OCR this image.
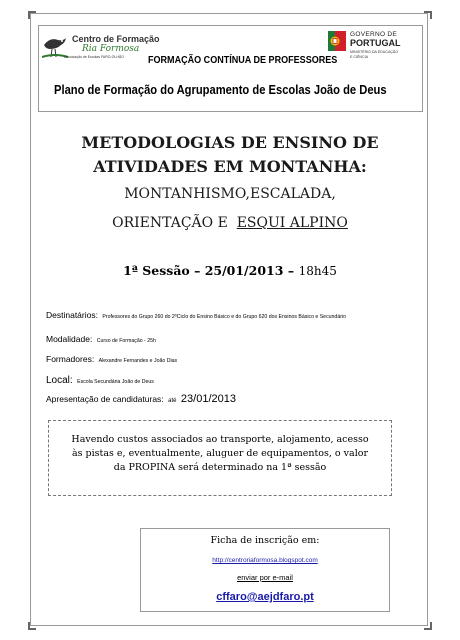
Centro de Formação
Ria Formosa
Associação de Escolas FARO-OLHÃO
GOVERNO DE
PORTUGAL
MINISTÉRIO DA EDUCAÇÃO
E CIÊNCIA
FORMAÇÃO CONTÍNUA DE PROFESSORES
Plano de Formação do Agrupamento de Escolas João de Deus
METODOLOGIAS DE ENSINO DE
ATIVIDADES EM MONTANHA:
MONTANHISMO,ESCALADA,
ORIENTAÇÃO E ESQUI ALPINO
1ª Sessão – 25/01/2013 – 18h45
Destinatários: Professores do Grupo 260 do 2ºCiclo do Ensino Básico e do Grupo 620 dos Ensinos Básico e Secundário
Modalidade: Curso de Formação - 25h
Formadores: Alexandre Fernandes e João Dias
Local: Escola Secundária João de Deus
Apresentação de candidaturas: até 23/01/2013
Havendo custos associados ao transporte, alojamento, acesso
às pistas e, eventualmente, aluguer de equipamentos, o valor
da PROPINA será determinado na 1ª sessão
Ficha de inscrição em:
http://centroriaformosa.blogspot.com
enviar por e-mail
cffaro@aejdfaro.pt
